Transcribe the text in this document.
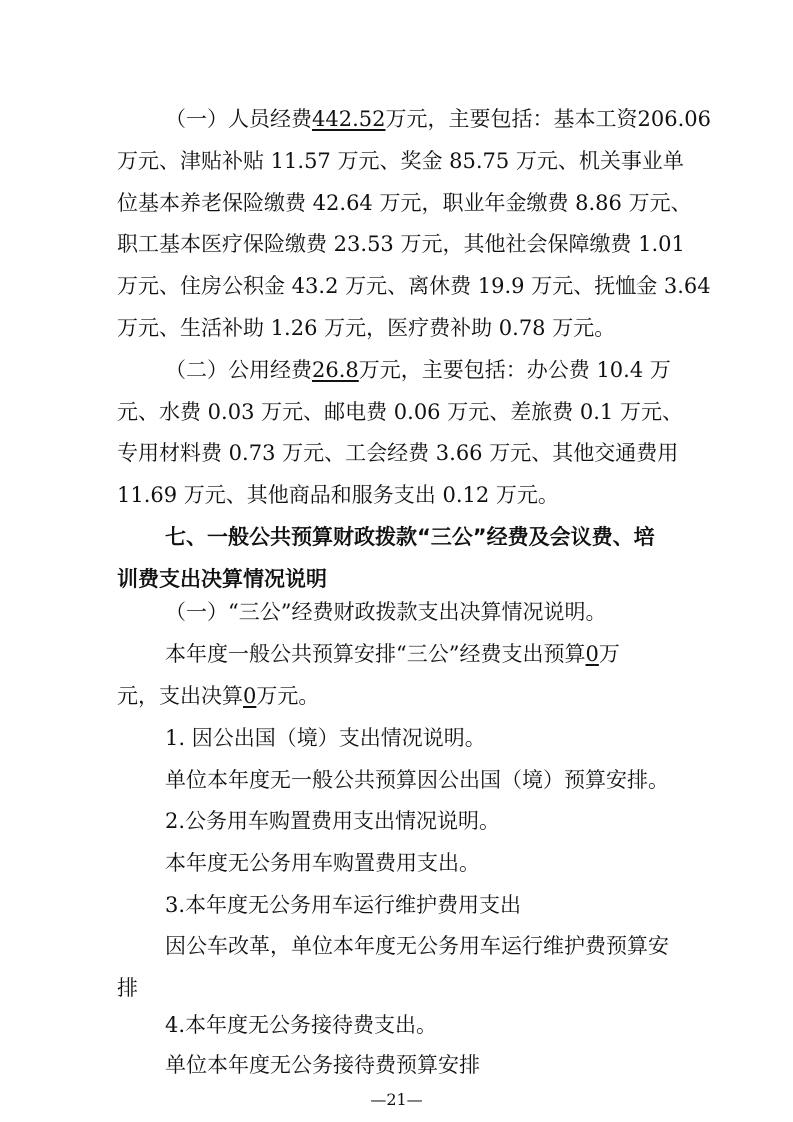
（一）人员经费442.52万元，主要包括：基本工资206.06

万元、津贴补贴 11.57 万元、奖金 85.75 万元、机关事业单

位基本养老保险缴费 42.64 万元，职业年金缴费 8.86 万元、

职工基本医疗保险缴费 23.53 万元，其他社会保障缴费 1.01

万元、住房公积金 43.2 万元、离休费 19.9 万元、抚恤金 3.64

万元、生活补助 1.26 万元，医疗费补助 0.78 万元。

（二）公用经费26.8万元，主要包括：办公费 10.4 万

元、水费 0.03 万元、邮电费 0.06 万元、差旅费 0.1 万元、

专用材料费 0.73 万元、工会经费 3.66 万元、其他交通费用

11.69 万元、其他商品和服务支出 0.12 万元。

七、一般公共预算财政拨款“三公”经费及会议费、培

训费支出决算情况说明

（一）“三公”经费财政拨款支出决算情况说明。

本年度一般公共预算安排“三公”经费支出预算0万

元，支出决算0万元。

1. 因公出国（境）支出情况说明。

单位本年度无一般公共预算因公出国（境）预算安排。

2.公务用车购置费用支出情况说明。

本年度无公务用车购置费用支出。

3.本年度无公务用车运行维护费用支出

因公车改革，单位本年度无公务用车运行维护费预算安

排

4.本年度无公务接待费支出。

单位本年度无公务接待费预算安排

—21—
